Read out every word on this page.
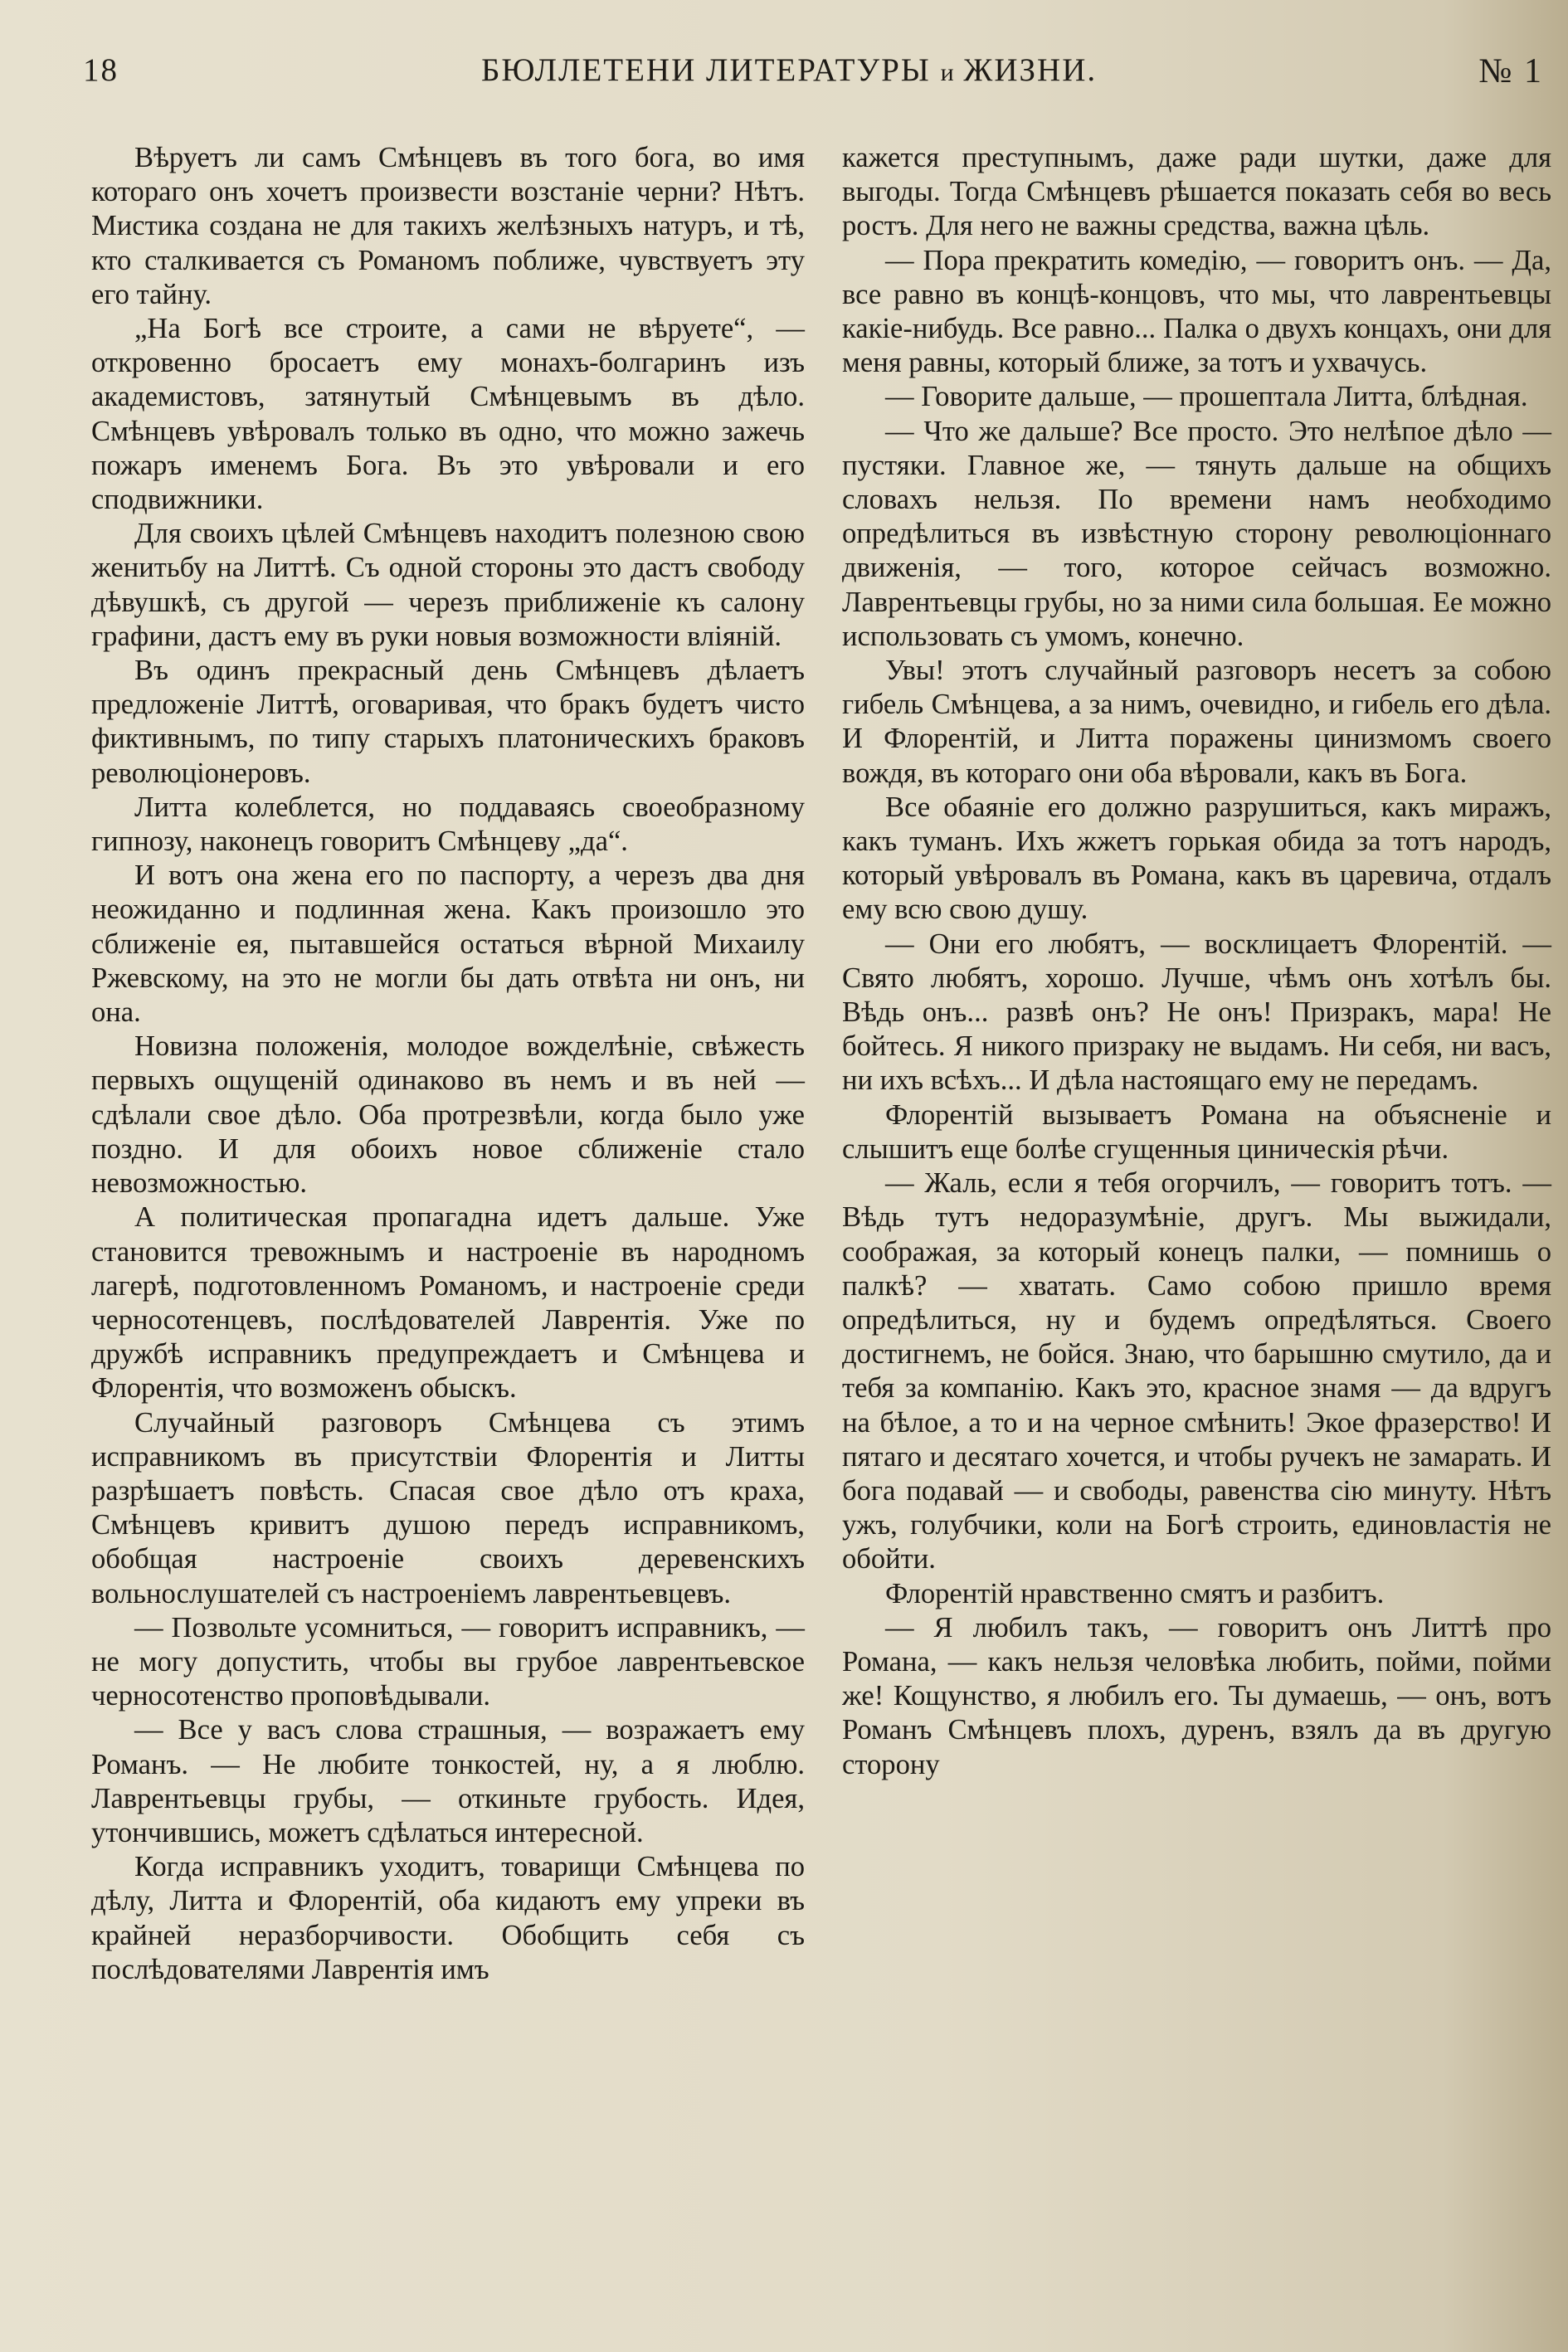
18	БЮЛЛЕТЕНИ ЛИТЕРАТУРЫ и ЖИЗНИ.	№ 1

Вѣруетъ ли самъ Смѣнцевъ въ того бога, во имя котораго онъ хочетъ произвести возстаніе черни? Нѣтъ. Мистика создана не для такихъ желѣзныхъ натуръ, и тѣ, кто сталкивается съ Романомъ поближе, чувствуетъ эту его тайну.

„На Богѣ все строите, а сами не вѣруете“, — откровенно бросаетъ ему монахъ-болгаринъ изъ академистовъ, затянутый Смѣнцевымъ въ дѣло. Смѣнцевъ увѣровалъ только въ одно, что можно зажечь пожаръ именемъ Бога. Въ это увѣровали и его сподвижники.

Для своихъ цѣлей Смѣнцевъ находитъ полезною свою женитьбу на Литтѣ. Съ одной стороны это дастъ свободу дѣвушкѣ, съ другой — черезъ приближеніе къ салону графини, дастъ ему въ руки новыя возможности вліяній.

Въ одинъ прекрасный день Смѣнцевъ дѣлаетъ предложеніе Литтѣ, оговаривая, что бракъ будетъ чисто фиктивнымъ, по типу старыхъ платоническихъ браковъ революціонеровъ.

Литта колеблется, но поддаваясь своеобразному гипнозу, наконецъ говоритъ Смѣнцеву „да“.

И вотъ она жена его по паспорту, а черезъ два дня неожиданно и подлинная жена. Какъ произошло это сближеніе ея, пытавшейся остаться вѣрной Михаилу Ржевскому, на это не могли бы дать отвѣта ни онъ, ни она.

Новизна положенія, молодое вожделѣніе, свѣжесть первыхъ ощущеній одинаково въ немъ и въ ней — сдѣлали свое дѣло. Оба протрезвѣли, когда было уже поздно. И для обоихъ новое сближеніе стало невозможностью.

А политическая пропагадна идетъ дальше. Уже становится тревожнымъ и настроеніе въ народномъ лагерѣ, подготовленномъ Романомъ, и настроеніе среди черносотенцевъ, послѣдователей Лаврентія. Уже по дружбѣ исправникъ предупреждаетъ и Смѣнцева и Флорентія, что возможенъ обыскъ.

Случайный разговоръ Смѣнцева съ этимъ исправникомъ въ присутствіи Флорентія и Литты разрѣшаетъ повѣсть. Спасая свое дѣло отъ краха, Смѣнцевъ кривитъ душою передъ исправникомъ, обобщая настроеніе своихъ деревенскихъ вольнослушателей съ настроеніемъ лаврентьевцевъ.

— Позвольте усомниться, — говоритъ исправникъ, — не могу допустить, чтобы вы грубое лаврентьевское черносотенство проповѣдывали.

— Все у васъ слова страшныя, — возражаетъ ему Романъ. — Не любите тонкостей, ну, а я люблю. Лаврентьевцы грубы, — откиньте грубость. Идея, утончившись, можетъ сдѣлаться интересной.

Когда исправникъ уходитъ, товарищи Смѣнцева по дѣлу, Литта и Флорентій, оба кидаютъ ему упреки въ крайней неразборчивости. Обобщить себя съ послѣдователями Лаврентія имъ

кажется преступнымъ, даже ради шутки, даже для выгоды. Тогда Смѣнцевъ рѣшается показать себя во весь ростъ. Для него не важны средства, важна цѣль.

— Пора прекратить комедію, — говоритъ онъ. — Да, все равно въ концѣ-концовъ, что мы, что лаврентьевцы какіе-нибудь. Все равно... Палка о двухъ концахъ, они для меня равны, который ближе, за тотъ и ухвачусь.

— Говорите дальше, — прошептала Литта, блѣдная.

— Что же дальше? Все просто. Это нелѣпое дѣло — пустяки. Главное же, — тянуть дальше на общихъ словахъ нельзя. По времени намъ необходимо опредѣлиться въ извѣстную сторону революціоннаго движенія, — того, которое сейчасъ возможно. Лаврентьевцы грубы, но за ними сила большая. Ее можно использовать съ умомъ, конечно.

Увы! этотъ случайный разговоръ несетъ за собою гибель Смѣнцева, а за нимъ, очевидно, и гибель его дѣла. И Флорентій, и Литта поражены цинизмомъ своего вождя, въ котораго они оба вѣровали, какъ въ Бога.

Все обаяніе его должно разрушиться, какъ миражъ, какъ туманъ. Ихъ жжетъ горькая обида за тотъ народъ, который увѣровалъ въ Романа, какъ въ царевича, отдалъ ему всю свою душу.

— Они его любятъ, — восклицаетъ Флорентій. — Свято любятъ, хорошо. Лучше, чѣмъ онъ хотѣлъ бы. Вѣдь онъ... развѣ онъ? Не онъ! Призракъ, мара! Не бойтесь. Я никого призраку не выдамъ. Ни себя, ни васъ, ни ихъ всѣхъ... И дѣла настоящаго ему не передамъ.

Флорентій вызываетъ Романа на объясненіе и слышитъ еще болѣе сгущенныя циническія рѣчи.

— Жаль, если я тебя огорчилъ, — говоритъ тотъ. — Вѣдь тутъ недоразумѣніе, другъ. Мы выжидали, соображая, за который конецъ палки, — помнишь о палкѣ? — хватать. Само собою пришло время опредѣлиться, ну и будемъ опредѣляться. Своего достигнемъ, не бойся. Знаю, что барышню смутило, да и тебя за компанію. Какъ это, красное знамя — да вдругъ на бѣлое, а то и на черное смѣнить! Экое фразерство! И пятаго и десятаго хочется, и чтобы ручекъ не замарать. И бога подавай — и свободы, равенства сію минуту. Нѣтъ ужъ, голубчики, коли на Богѣ строить, единовластія не обойти.

Флорентій нравственно смятъ и разбитъ.

— Я любилъ такъ, — говоритъ онъ Литтѣ про Романа, — какъ нельзя человѣка любить, пойми, пойми же! Кощунство, я любилъ его. Ты думаешь, — онъ, вотъ Романъ Смѣнцевъ плохъ, дуренъ, взялъ да въ другую сторону
